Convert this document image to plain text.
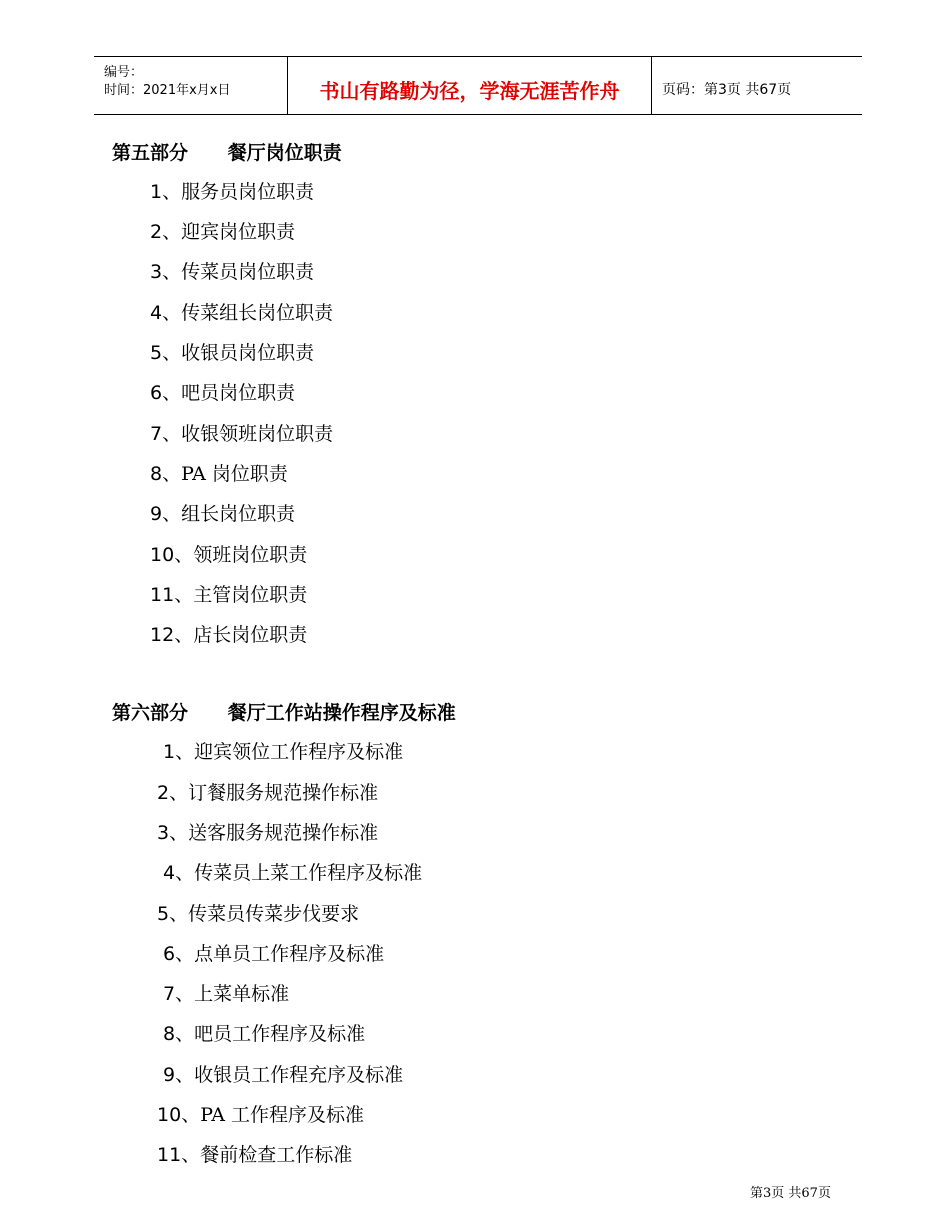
编号：
时间：2021年x月x日	书山有路勤为径，学海无涯苦作舟	页码：第3页 共67页
第五部分      餐厅岗位职责
1、服务员岗位职责
2、迎宾岗位职责
3、传菜员岗位职责
4、传菜组长岗位职责
5、收银员岗位职责
6、吧员岗位职责
7、收银领班岗位职责
8、PA 岗位职责
9、组长岗位职责
10、领班岗位职责
11、主管岗位职责
12、店长岗位职责
第六部分      餐厅工作站操作程序及标准
1、迎宾领位工作程序及标准
2、订餐服务规范操作标准
3、送客服务规范操作标准
4、传菜员上菜工作程序及标准
5、传菜员传菜步伐要求
6、点单员工作程序及标准
7、上菜单标准
8、吧员工作程序及标准
9、收银员工作程充序及标准
10、PA 工作程序及标准
11、餐前检查工作标准
第3页 共67页
